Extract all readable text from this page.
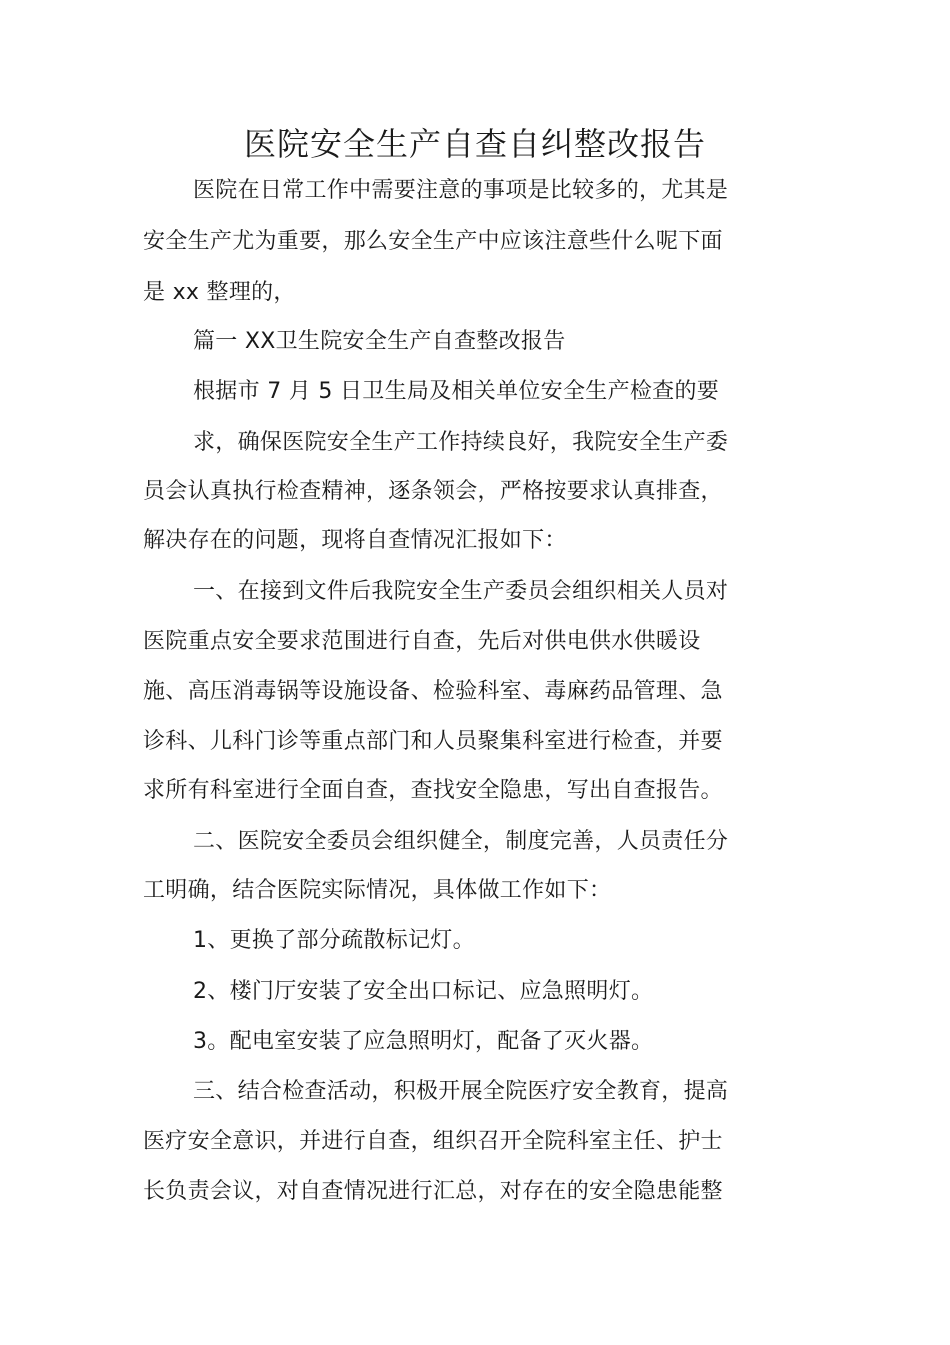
医院安全生产自查自纠整改报告
医院在日常工作中需要注意的事项是比较多的，尤其是
安全生产尤为重要，那么安全生产中应该注意些什么呢下面
是 xx 整理的，
篇一 XX卫生院安全生产自查整改报告
根据市 7 月 5 日卫生局及相关单位安全生产检查的要
求，确保医院安全生产工作持续良好，我院安全生产委
员会认真执行检查精神，逐条领会，严格按要求认真排查，
解决存在的问题，现将自查情况汇报如下：
一、在接到文件后我院安全生产委员会组织相关人员对
医院重点安全要求范围进行自查，先后对供电供水供暖设
施、高压消毒锅等设施设备、检验科室、毒麻药品管理、急
诊科、儿科门诊等重点部门和人员聚集科室进行检查，并要
求所有科室进行全面自查，查找安全隐患，写出自查报告。
二、医院安全委员会组织健全，制度完善，人员责任分
工明确，结合医院实际情况，具体做工作如下：
1、更换了部分疏散标记灯。
2、楼门厅安装了安全出口标记、应急照明灯。
3。配电室安装了应急照明灯，配备了灭火器。
三、结合检查活动，积极开展全院医疗安全教育，提高
医疗安全意识，并进行自查，组织召开全院科室主任、护士
长负责会议，对自查情况进行汇总，对存在的安全隐患能整
